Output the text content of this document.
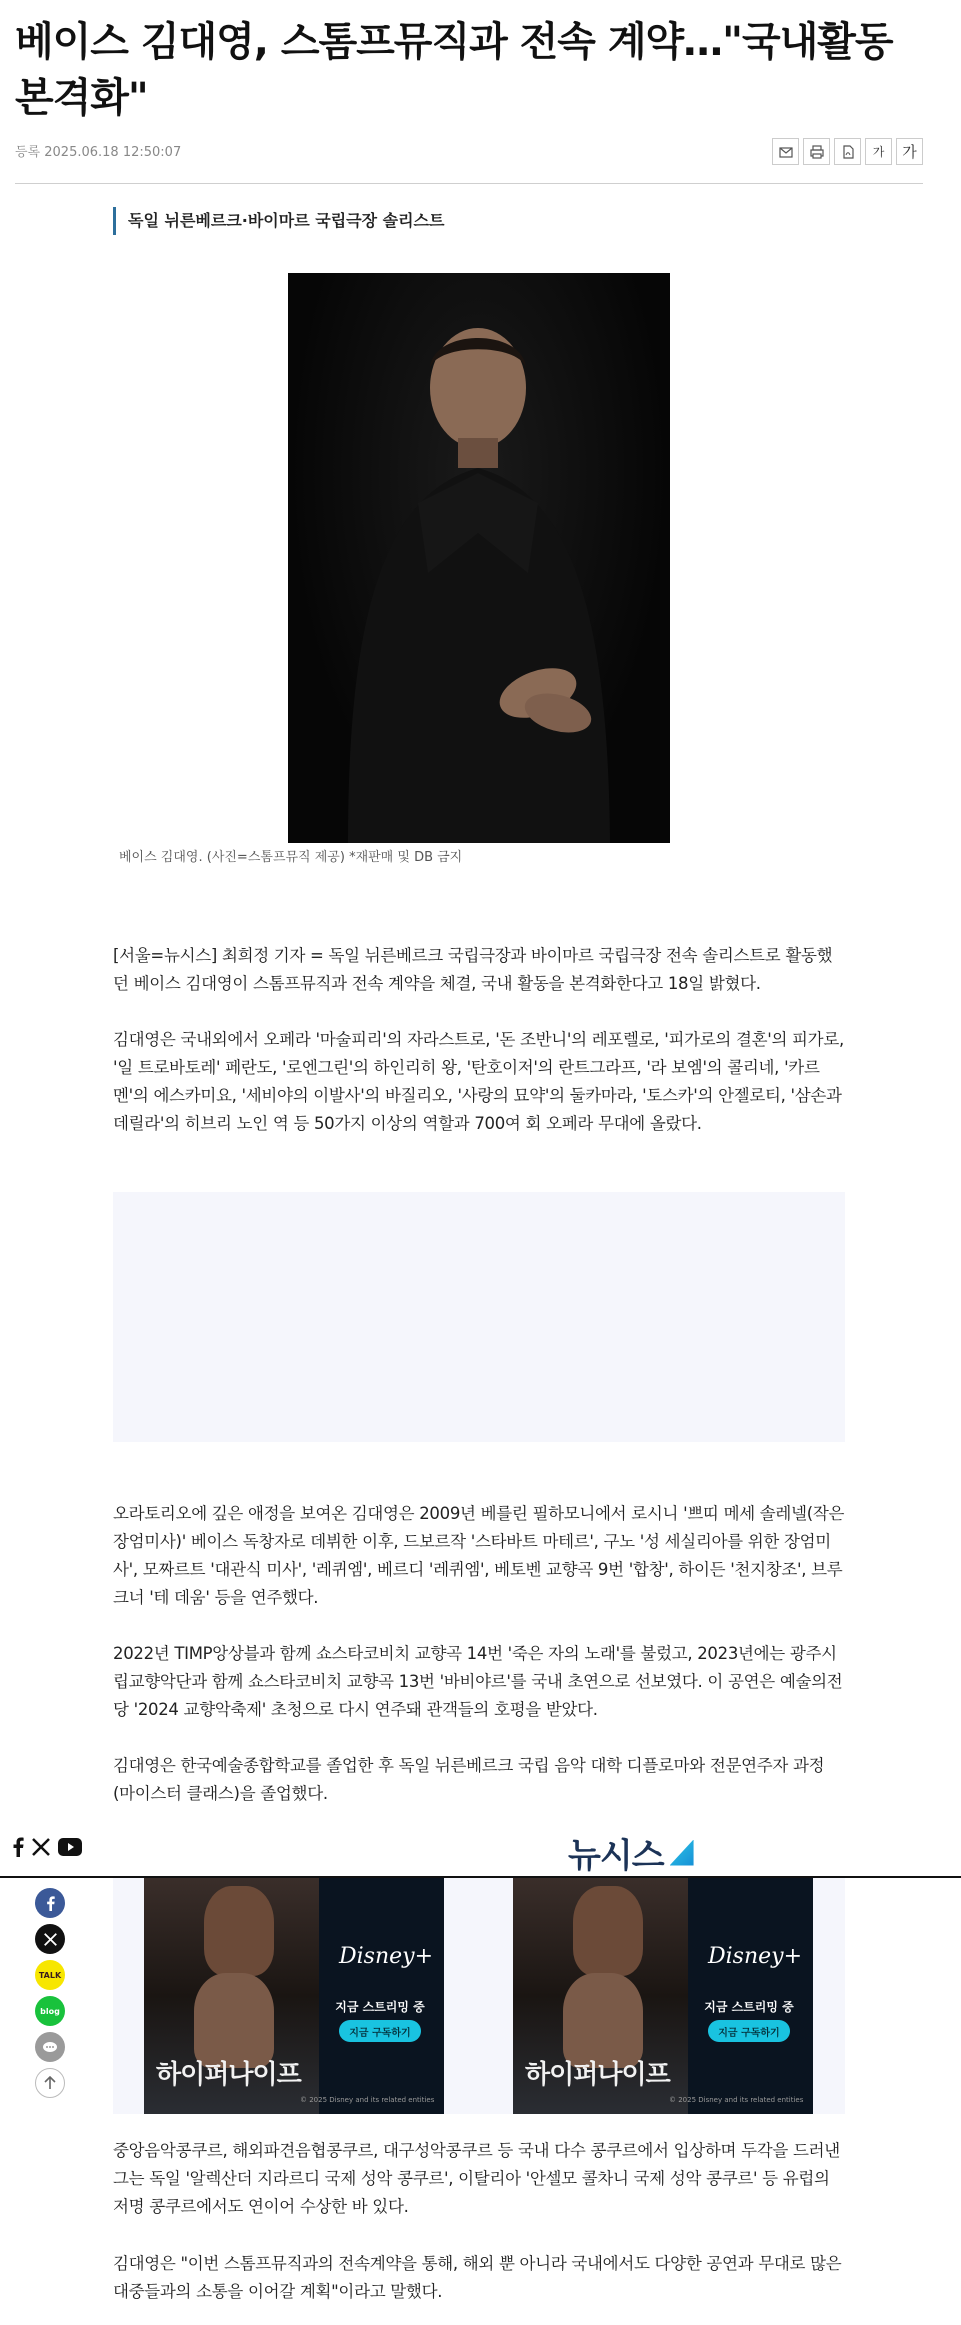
베이스 김대영, 스톰프뮤직과 전속 계약…"국내활동 본격화"
등록 2025.06.18 12:50:07	가	가
독일 뉘른베르크·바이마르 국립극장 솔리스트

베이스 김대영. (사진=스톰프뮤직 제공) *재판매 및 DB 금지

[서울=뉴시스] 최희정 기자 = 독일 뉘른베르크 국립극장과 바이마르 국립극장 전속 솔리스트로 활동했던 베이스 김대영이 스톰프뮤직과 전속 계약을 체결, 국내 활동을 본격화한다고 18일 밝혔다.

김대영은 국내외에서 오페라 '마술피리'의 자라스트로, '돈 조반니'의 레포렐로, '피가로의 결혼'의 피가로, '일 트로바토레' 페란도, '로엔그린'의 하인리히 왕, '탄호이저'의 란트그라프, '라 보엠'의 콜리네, '카르멘'의 에스카미요, '세비야의 이발사'의 바질리오, '사랑의 묘약'의 둘카마라, '토스카'의 안젤로티, '삼손과 데릴라'의 히브리 노인 역 등 50가지 이상의 역할과 700여 회 오페라 무대에 올랐다.

오라토리오에 깊은 애정을 보여온 김대영은 2009년 베를린 필하모니에서 로시니 '쁘띠 메세 솔레넬(작은 장엄미사)' 베이스 독창자로 데뷔한 이후, 드보르작 '스타바트 마테르', 구노 '성 세실리아를 위한 장엄미사', 모짜르트 '대관식 미사', '레퀴엠', 베르디 '레퀴엠', 베토벤 교향곡 9번 '합창', 하이든 '천지창조', 브루크너 '테 데움' 등을 연주했다.

2022년 TIMP앙상블과 함께 쇼스타코비치 교향곡 14번 '죽은 자의 노래'를 불렀고, 2023년에는 광주시립교향악단과 함께 쇼스타코비치 교향곡 13번 '바비야르'를 국내 초연으로 선보였다. 이 공연은 예술의전당 '2024 교향악축제' 초청으로 다시 연주돼 관객들의 호평을 받았다.

김대영은 한국예술종합학교를 졸업한 후 독일 뉘른베르크 국립 음악 대학 디플로마와 전문연주자 과정(마이스터 클래스)을 졸업했다.

뉴시스
Disney+
지금 스트리밍 중
지금 구독하기
하이퍼나이프
© 2025 Disney and its related entities
Disney+
지금 스트리밍 중
지금 구독하기
하이퍼나이프
© 2025 Disney and its related entities
TALK
blog

중앙음악콩쿠르, 해외파견음협콩쿠르, 대구성악콩쿠르 등 국내 다수 콩쿠르에서 입상하며 두각을 드러낸 그는 독일 '알렉산더 지라르디 국제 성악 콩쿠르', 이탈리아 '안셀모 콜차니 국제 성악 콩쿠르' 등 유럽의 저명 콩쿠르에서도 연이어 수상한 바 있다.

김대영은 "이번 스톰프뮤직과의 전속계약을 통해, 해외 뿐 아니라 국내에서도 다양한 공연과 무대로 많은 대중들과의 소통을 이어갈 계획"이라고 말했다.
